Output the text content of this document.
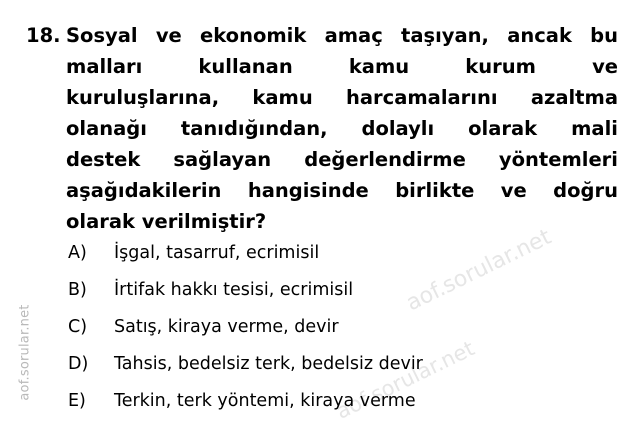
aof.sorular.net
aof.sorular.net
aof.sorular.net
18. Sosyal ve ekonomik amaç taşıyan, ancak bu
malları	kullanan	kamu	kurum	ve
kuruluşlarına, kamu harcamalarını azaltma
olanağı tanıdığından, dolaylı olarak mali
destek sağlayan değerlendirme yöntemleri
aşağıdakilerin hangisinde birlikte ve doğru
olarak verilmiştir?
A)	İşgal, tasarruf, ecrimisil
B)	İrtifak hakkı tesisi, ecrimisil
C)	Satış, kiraya verme, devir
D)	Tahsis, bedelsiz terk, bedelsiz devir
E)	Terkin, terk yöntemi, kiraya verme
